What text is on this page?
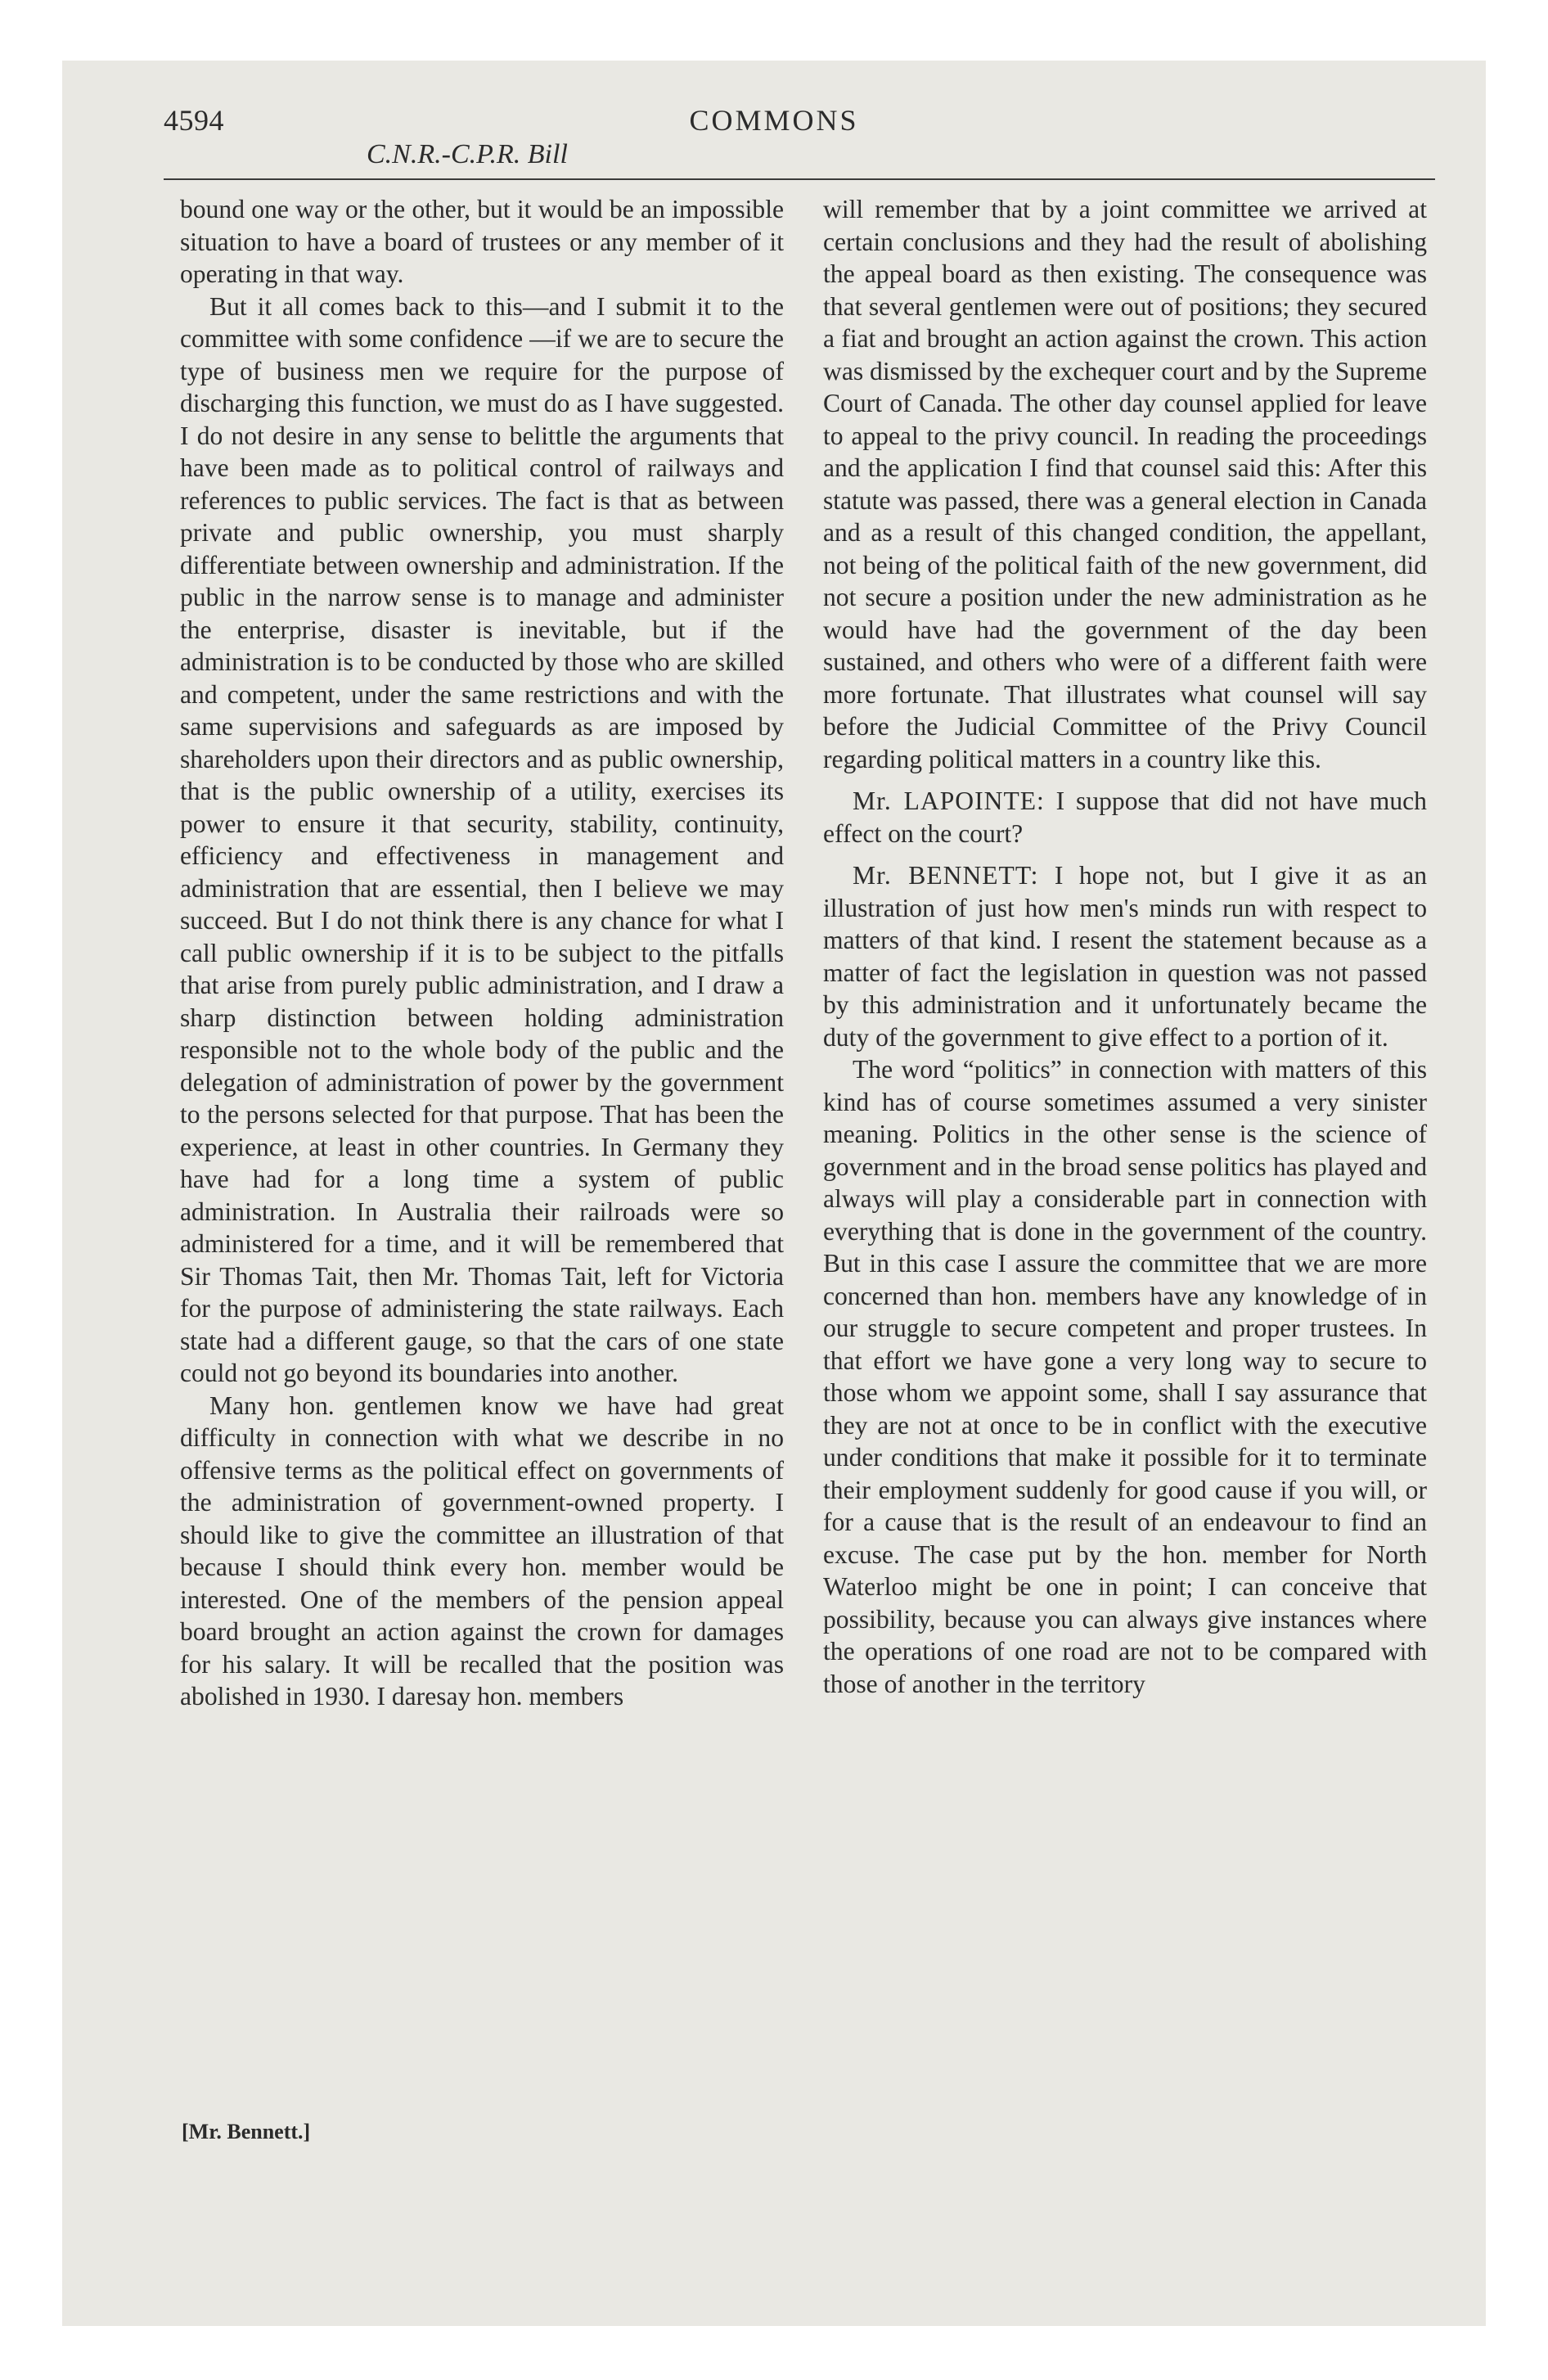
4594	COMMONS
C.N.R.-C.P.R. Bill

bound one way or the other, but it would be an impossible situation to have a board of trustees or any member of it operating in that way.

But it all comes back to this—and I submit it to the committee with some confidence —if we are to secure the type of business men we require for the purpose of discharging this function, we must do as I have suggested. I do not desire in any sense to belittle the arguments that have been made as to political control of railways and references to public services. The fact is that as between private and public ownership, you must sharply differentiate between ownership and administration. If the public in the narrow sense is to manage and administer the enterprise, disaster is inevitable, but if the administration is to be conducted by those who are skilled and competent, under the same restrictions and with the same supervisions and safeguards as are imposed by shareholders upon their directors and as public ownership, that is the public ownership of a utility, exercises its power to ensure it that security, stability, continuity, efficiency and effectiveness in management and administration that are essential, then I believe we may succeed. But I do not think there is any chance for what I call public ownership if it is to be subject to the pitfalls that arise from purely public administration, and I draw a sharp distinction between holding administration responsible not to the whole body of the public and the delegation of administration of power by the government to the persons selected for that purpose. That has been the experience, at least in other countries. In Germany they have had for a long time a system of public administration. In Australia their railroads were so administered for a time, and it will be remembered that Sir Thomas Tait, then Mr. Thomas Tait, left for Victoria for the purpose of administering the state railways. Each state had a different gauge, so that the cars of one state could not go beyond its boundaries into another.

Many hon. gentlemen know we have had great difficulty in connection with what we describe in no offensive terms as the political effect on governments of the administration of government-owned property. I should like to give the committee an illustration of that because I should think every hon. member would be interested. One of the members of the pension appeal board brought an action against the crown for damages for his salary. It will be recalled that the position was abolished in 1930. I daresay hon. members

will remember that by a joint committee we arrived at certain conclusions and they had the result of abolishing the appeal board as then existing. The consequence was that several gentlemen were out of positions; they secured a fiat and brought an action against the crown. This action was dismissed by the exchequer court and by the Supreme Court of Canada. The other day counsel applied for leave to appeal to the privy council. In reading the proceedings and the application I find that counsel said this: After this statute was passed, there was a general election in Canada and as a result of this changed condition, the appellant, not being of the political faith of the new government, did not secure a position under the new administration as he would have had the government of the day been sustained, and others who were of a different faith were more fortunate. That illustrates what counsel will say before the Judicial Committee of the Privy Council regarding political matters in a country like this.

Mr. LAPOINTE: I suppose that did not have much effect on the court?

Mr. BENNETT: I hope not, but I give it as an illustration of just how men's minds run with respect to matters of that kind. I resent the statement because as a matter of fact the legislation in question was not passed by this administration and it unfortunately became the duty of the government to give effect to a portion of it.

The word “politics” in connection with matters of this kind has of course sometimes assumed a very sinister meaning. Politics in the other sense is the science of government and in the broad sense politics has played and always will play a considerable part in connection with everything that is done in the government of the country. But in this case I assure the committee that we are more concerned than hon. members have any knowledge of in our struggle to secure competent and proper trustees. In that effort we have gone a very long way to secure to those whom we appoint some, shall I say assurance that they are not at once to be in conflict with the executive under conditions that make it possible for it to terminate their employment suddenly for good cause if you will, or for a cause that is the result of an endeavour to find an excuse. The case put by the hon. member for North Waterloo might be one in point; I can conceive that possibility, because you can always give instances where the operations of one road are not to be compared with those of another in the territory

[Mr. Bennett.]
